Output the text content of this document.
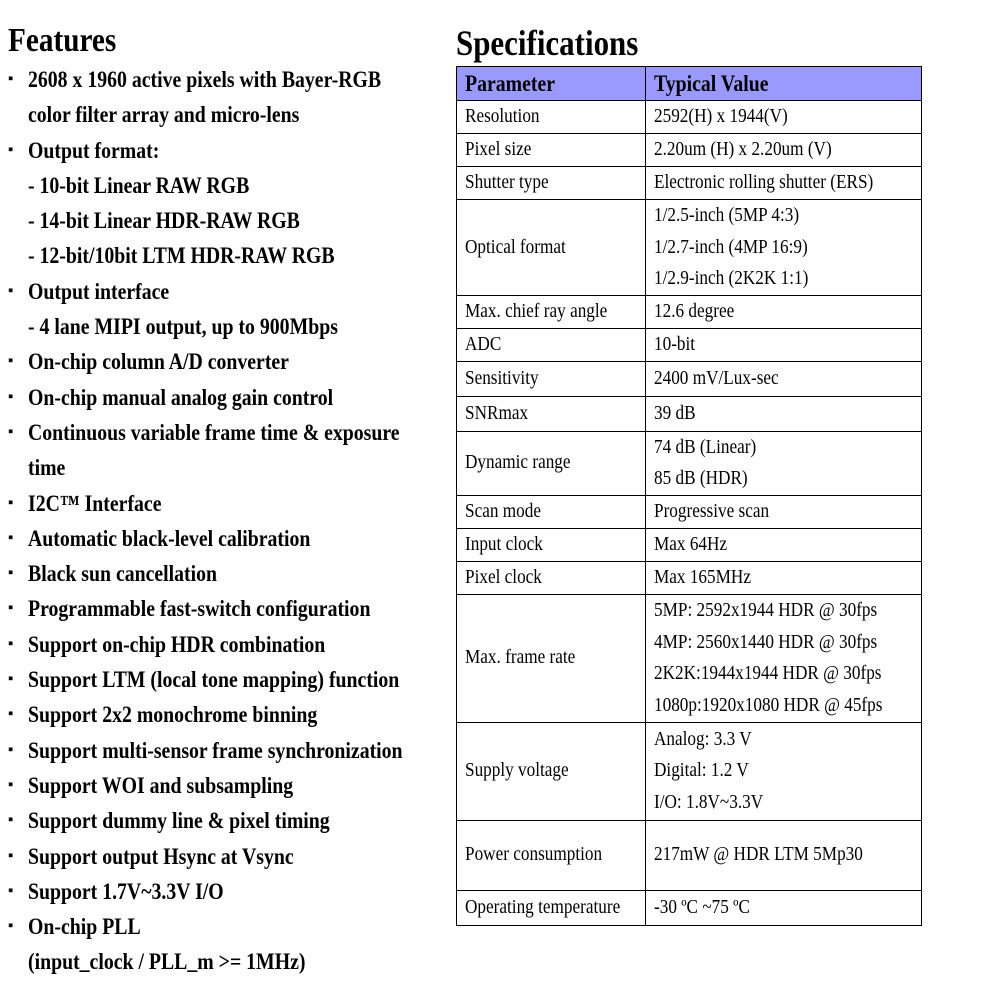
Features
▪ 2608 x 1960 active pixels with Bayer-RGB
color filter array and micro-lens
▪ Output format:
- 10-bit Linear RAW RGB
- 14-bit Linear HDR-RAW RGB
- 12-bit/10bit LTM HDR-RAW RGB
▪ Output interface
- 4 lane MIPI output, up to 900Mbps
▪ On-chip column A/D converter
▪ On-chip manual analog gain control
▪ Continuous variable frame time & exposure
time
▪ I2C™ Interface
▪ Automatic black-level calibration
▪ Black sun cancellation
▪ Programmable fast-switch configuration
▪ Support on-chip HDR combination
▪ Support LTM (local tone mapping) function
▪ Support 2x2 monochrome binning
▪ Support multi-sensor frame synchronization
▪ Support WOI and subsampling
▪ Support dummy line & pixel timing
▪ Support output Hsync at Vsync
▪ Support 1.7V~3.3V I/O
▪ On-chip PLL
(input_clock / PLL_m >= 1MHz)
Specifications
Parameter	Typical Value

Resolution	2592(H) x 1944(V)

Pixel size	2.20um (H) x 2.20um (V)

Shutter type	Electronic rolling shutter (ERS)

Optical format	1/2.5-inch (5MP 4:3)
1/2.7-inch (4MP 16:9)
1/2.9-inch (2K2K 1:1)

Max. chief ray angle	12.6 degree

ADC	10-bit

Sensitivity	2400 mV/Lux-sec

SNRmax	39 dB

Dynamic range	74 dB (Linear)
85 dB (HDR)

Scan mode	Progressive scan

Input clock	Max 64Hz

Pixel clock	Max 165MHz

Max. frame rate	5MP: 2592x1944 HDR @ 30fps
4MP: 2560x1440 HDR @ 30fps
2K2K:1944x1944 HDR @ 30fps
1080p:1920x1080 HDR @ 45fps

Supply voltage	Analog: 3.3 V
Digital: 1.2 V
I/O: 1.8V~3.3V

Power consumption	217mW @ HDR LTM 5Mp30

Operating temperature	-30 ºC ~75 ºC
